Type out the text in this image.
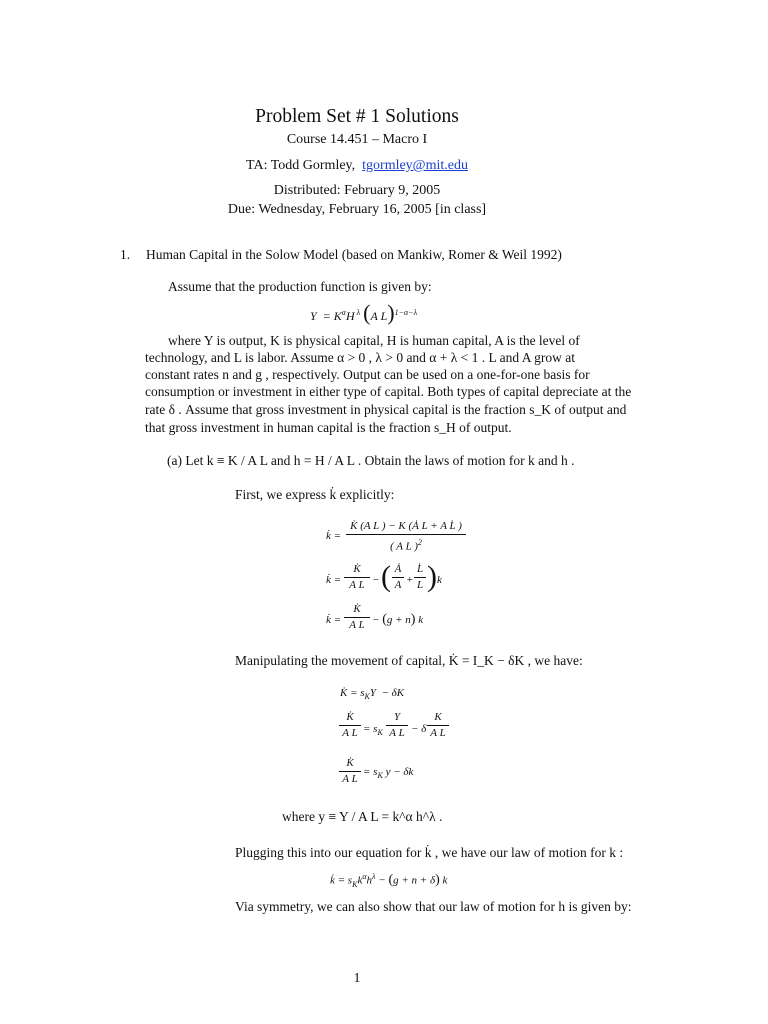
Problem Set # 1 Solutions
Course 14.451 – Macro I
TA: Todd Gormley, tgormley@mit.edu
Distributed: February 9, 2005
Due: Wednesday, February 16, 2005 [in class]
1. Human Capital in the Solow Model (based on Mankiw, Romer & Weil 1992)
Assume that the production function is given by:
$Y = K^\alpha H$ $^\lambda$ (A L)$^{1-\alpha-\lambda}$
where Y is output, K is physical capital, H is human capital, A is the level of
technology, and L is labor. Assume α > 0 , λ > 0 and α + λ < 1 . L and A grow at
constant rates n and g , respectively. Output can be used on a one-for-one basis for
consumption or investment in either type of capital. Both types of capital depreciate at the
rate δ . Assume that gross investment in physical capital is the fraction s_K of output and
that gross investment in human capital is the fraction s_H of output.
(a) Let k ≡ K / A L and h = H / A L . Obtain the laws of motion for k and h .
First, we express k̇ explicitly:
k̇ =
K̇ (A L ) − K (Ȧ L + A L̇ )
( A L )$^2$
k̇ =
K̇
A L − ( Ȧ
A +
L̇
L ) k
k̇ =
K̇
A L − (g + n) k
Manipulating the movement of capital, K̇ = I_K − δK , we have:
K̇ = $s_KY - \delta K$
K̇
A $L = s_K$
Y
A L − δ
K
A L
K̇
A L
= $s_K$ y − δk
where y ≡ Y / A L = k^α h^λ .
Plugging this into our equation for k̇ , we have our law of motion for k :
k̇ = $s_Kk^\alpha h^\lambda - (g + n + \delta)$ k
Via symmetry, we can also show that our law of motion for h is given by:
1
